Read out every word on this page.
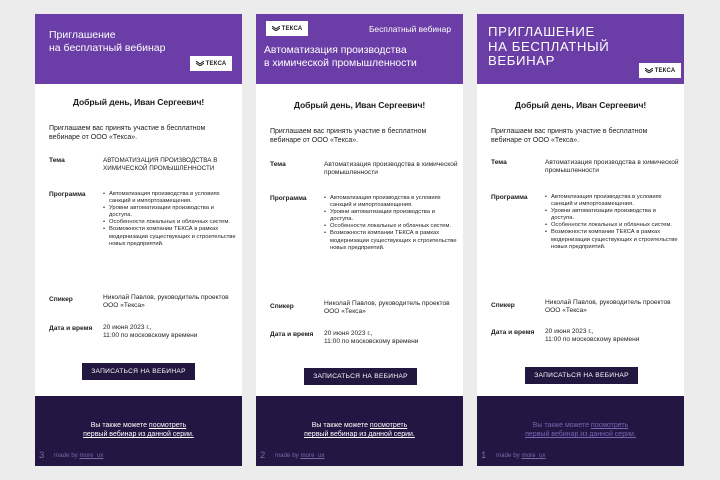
Приглашение
на бесплатный вебинар
ТЕКСА
Добрый день, Иван Сергеевич!
Приглашаем вас принять участие в бесплатном вебинаре от ООО «Текса».
Тема	АВТОМАТИЗАЦИЯ ПРОИЗВОДСТВА В ХИМИЧЕСКОЙ ПРОМЫШЛЕННОСТИ
Программа	• Автоматизация производства в условиях санкций и импортозамещения.
• Уровни автоматизации производства и доступа.
• Особенности локальных и облачных систем.
• Возможности компании ТЕКСА в рамках модернизации существующих и строительстве новых предприятий.
Спикер	Николай Павлов, руководитель проектов ООО «Текса»
Дата и время 20 июня 2023 г.,
11:00 по московскому времени
ЗАПИСАТЬСЯ НА ВЕБИНАР
Вы также можете посмотреть
первый вебинар из данной серии.
3 made by more_ux
ТЕКСА	Бесплатный вебинар
Автоматизация производства
в химической промышленности
Добрый день, Иван Сергеевич!
Приглашаем вас принять участие в бесплатном вебинаре от ООО «Текса».
Тема	Автоматизация производства в химической промышленности
Программа	• Автоматизация производства в условиях санкций и импортозамещения.
• Уровни автоматизации производства и доступа.
• Особенности локальных и облачных систем.
• Возможности компании ТЕКСА в рамках модернизации существующих и строительстве новых предприятий.
Спикер	Николай Павлов, руководитель проектов ООО «Текса»
Дата и время 20 июня 2023 г.,
11:00 по московскому времени
ЗАПИСАТЬСЯ НА ВЕБИНАР
Вы также можете посмотреть
первый вебинар из данной серии.
2 made by more_ux
ПРИГЛАШЕНИЕ
НА БЕСПЛАТНЫЙ
ВЕБИНАР
ТЕКСА
Добрый день, Иван Сергеевич!
Приглашаем вас принять участие в бесплатном вебинаре от ООО «Текса».
Тема	Автоматизация производства в химической промышленности
Программа	• Автоматизация производства в условиях санкций и импортозамещения.
• Уровни автоматизации производства и доступа.
• Особенности локальных и облачных систем.
• Возможности компании ТЕКСА в рамках модернизации существующих и строительстве новых предприятий.
Спикер	Николай Павлов, руководитель проектов ООО «Текса»
Дата и время 20 июня 2023 г.,
11:00 по московскому времени
ЗАПИСАТЬСЯ НА ВЕБИНАР
Вы также можете посмотреть
первый вебинар из данной серии.
1 made by more_ux
